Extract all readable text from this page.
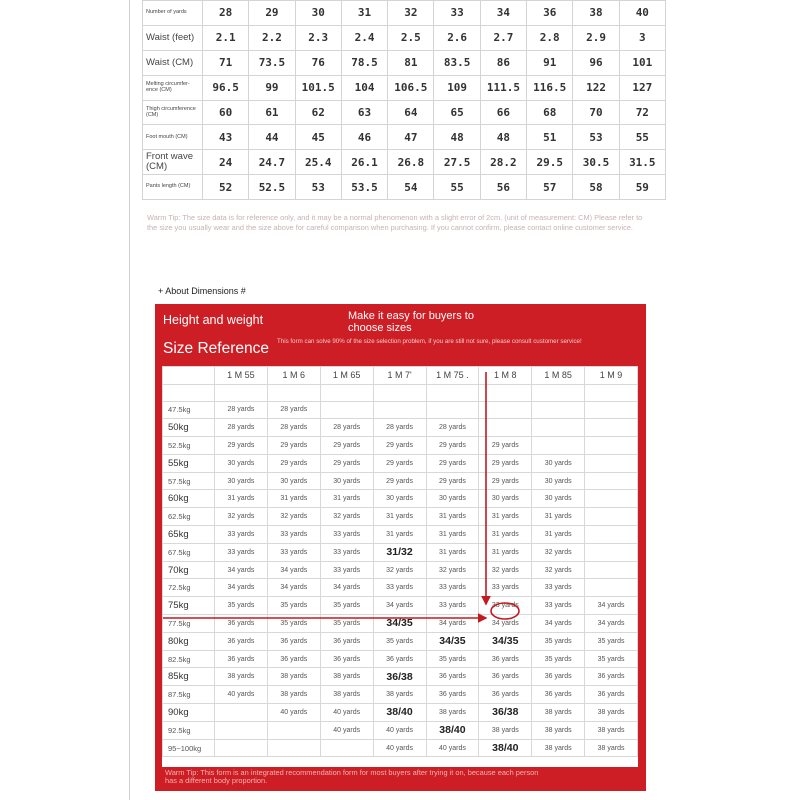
Number of yards	28	29	30	31	32	33	34	36	38	40
Waist (feet)	2.1	2.2	2.3	2.4	2.5	2.6	2.7	2.8	2.9	3
Waist (CM)	71	73.5	76	78.5	81	83.5	86	91	96	101
Melting circumfer- ence (CM)	96.5	99	101.5	104	106.5	109	111.5	116.5	122	127
Thigh circumference (CM)	60	61	62	63	64	65	66	68	70	72
Foot mouth (CM)	43	44	45	46	47	48	48	51	53	55
Front wave (CM)	24	24.7	25.4	26.1	26.8	27.5	28.2	29.5	30.5	31.5
Pants length (CM)	52	52.5	53	53.5	54	55	56	57	58	59
Warm Tip: The size data is for reference only, and it may be a normal phenomenon with a slight error of 2cm. (unit of measurement: CM) Please refer to the size you usually wear and the size above for careful comparison when purchasing. If you cannot confirm, please contact online customer service.
+ About Dimensions #
Height and weight	Make it easy for buyers to choose sizes
Size Reference This form can solve 90% of the size selection problem, if you are still not sure, please consult customer service!
	1 M 55	1 M 6	1 M 65	1 M 7'	1 M 75 .	1 M 8	1 M 85	1 M 9

47.5kg	28 yards	28 yards						
50kg	28 yards	28 yards	28 yards	28 yards	28 yards			
52.5kg	29 yards	29 yards	29 yards	29 yards	29 yards	29 yards		
55kg	30 yards	29 yards	29 yards	29 yards	29 yards	29 yards	30 yards	
57.5kg	30 yards	30 yards	30 yards	29 yards	29 yards	29 yards	30 yards	
60kg	31 yards	31 yards	31 yards	30 yards	30 yards	30 yards	30 yards	
62.5kg	32 yards	32 yards	32 yards	31 yards	31 yards	31 yards	31 yards	
65kg	33 yards	33 yards	33 yards	31 yards	31 yards	31 yards	31 yards	
67.5kg	33 yards	33 yards	33 yards	31/32	31 yards	31 yards	32 yards	
70kg	34 yards	34 yards	33 yards	32 yards	32 yards	32 yards	32 yards	
72.5kg	34 yards	34 yards	34 yards	33 yards	33 yards	33 yards	33 yards	
75kg	35 yards	35 yards	35 yards	34 yards	33 yards	33 yards	33 yards	34 yards
77.5kg	36 yards	35 yards	35 yards	34/35	34 yards	34 yards	34 yards	34 yards
80kg	36 yards	36 yards	36 yards	35 yards	34/35	34/35	35 yards	35 yards
82.5kg	36 yards	36 yards	36 yards	36 yards	35 yards	36 yards	35 yards	35 yards
85kg	38 yards	38 yards	38 yards	36/38	36 yards	36 yards	36 yards	36 yards
87.5kg	40 yards	38 yards	38 yards	38 yards	36 yards	36 yards	36 yards	36 yards
90kg		40 yards	40 yards	38/40	38 yards	36/38	38 yards	38 yards
92.5kg			40 yards	40 yards	38/40	38 yards	38 yards	38 yards
95~100kg				40 yards	40 yards	38/40	38 yards	38 yards
Warm Tip: This form is an integrated recommendation form for most buyers after trying it on, because each person has a different body proportion.
